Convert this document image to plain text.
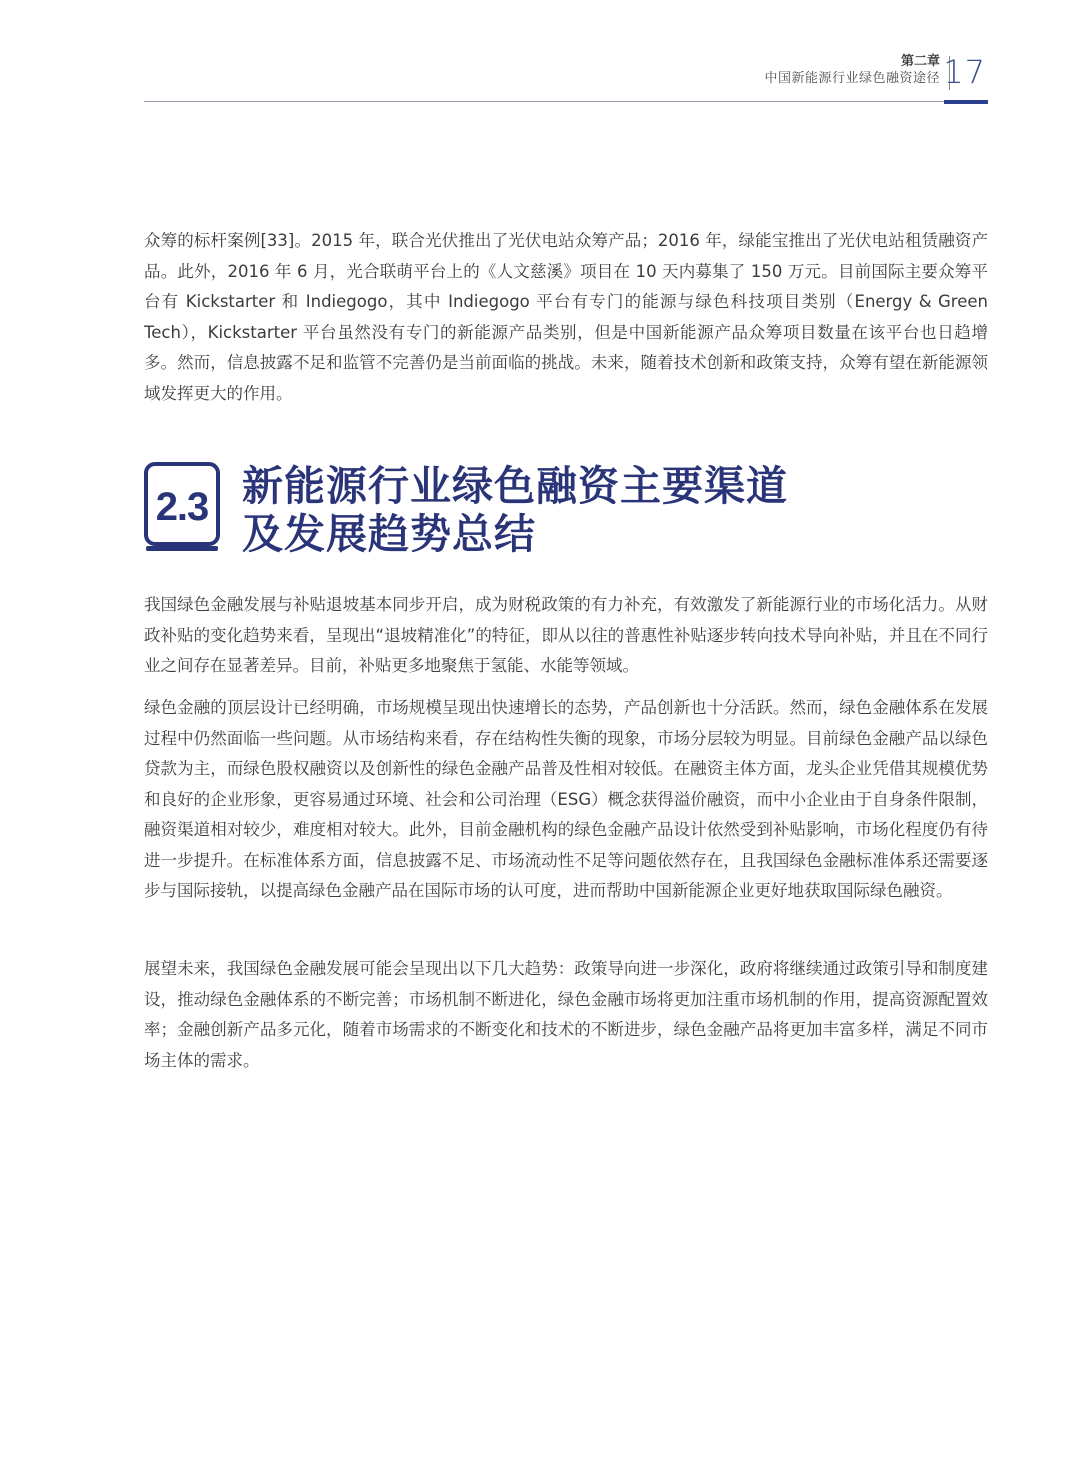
第二章
中国新能源行业绿色融资途径 17

众筹的标杆案例[33]。2015 年，联合光伏推出了光伏电站众筹产品；2016 年，绿能宝推出了光伏电站租赁融资产品。此外，2016 年 6 月，光合联萌平台上的《人文慈溪》项目在 10 天内募集了 150 万元。目前国际主要众筹平台有 Kickstarter 和 Indiegogo，其中 Indiegogo 平台有专门的能源与绿色科技项目类别（Energy & Green Tech），Kickstarter 平台虽然没有专门的新能源产品类别，但是中国新能源产品众筹项目数量在该平台也日趋增多。然而，信息披露不足和监管不完善仍是当前面临的挑战。未来，随着技术创新和政策支持，众筹有望在新能源领域发挥更大的作用。

2.3 新能源行业绿色融资主要渠道
及发展趋势总结

我国绿色金融发展与补贴退坡基本同步开启，成为财税政策的有力补充，有效激发了新能源行业的市场化活力。从财政补贴的变化趋势来看，呈现出“退坡精准化”的特征，即从以往的普惠性补贴逐步转向技术导向补贴，并且在不同行业之间存在显著差异。目前，补贴更多地聚焦于氢能、水能等领域。

绿色金融的顶层设计已经明确，市场规模呈现出快速增长的态势，产品创新也十分活跃。然而，绿色金融体系在发展过程中仍然面临一些问题。从市场结构来看，存在结构性失衡的现象，市场分层较为明显。目前绿色金融产品以绿色贷款为主，而绿色股权融资以及创新性的绿色金融产品普及性相对较低。在融资主体方面，龙头企业凭借其规模优势和良好的企业形象，更容易通过环境、社会和公司治理（ESG）概念获得溢价融资，而中小企业由于自身条件限制，融资渠道相对较少，难度相对较大。此外，目前金融机构的绿色金融产品设计依然受到补贴影响，市场化程度仍有待进一步提升。在标准体系方面，信息披露不足、市场流动性不足等问题依然存在，且我国绿色金融标准体系还需要逐步与国际接轨，以提高绿色金融产品在国际市场的认可度，进而帮助中国新能源企业更好地获取国际绿色融资。

展望未来，我国绿色金融发展可能会呈现出以下几大趋势：政策导向进一步深化，政府将继续通过政策引导和制度建设，推动绿色金融体系的不断完善；市场机制不断进化，绿色金融市场将更加注重市场机制的作用，提高资源配置效率；金融创新产品多元化，随着市场需求的不断变化和技术的不断进步，绿色金融产品将更加丰富多样，满足不同市场主体的需求。
